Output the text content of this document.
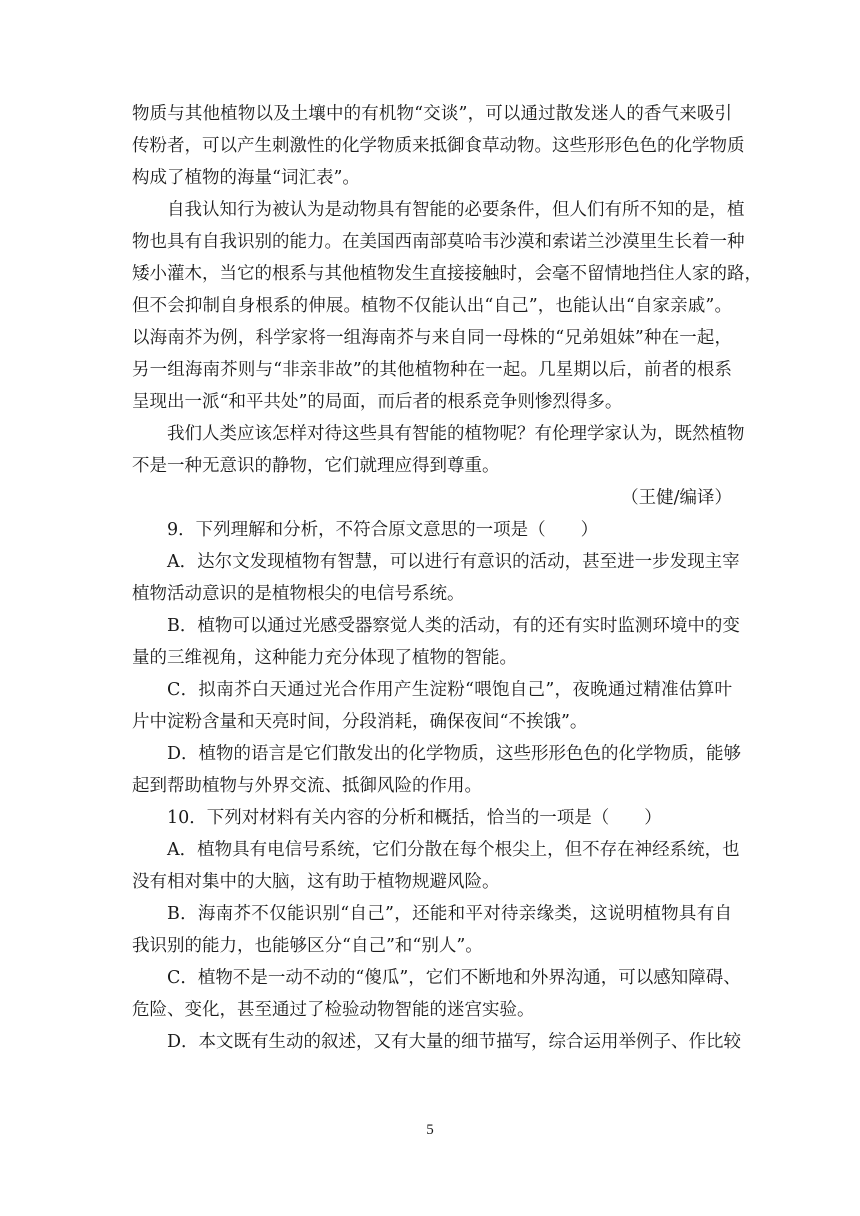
物质与其他植物以及土壤中的有机物“交谈”，可以通过散发迷人的香气来吸引
传粉者，可以产生刺激性的化学物质来抵御食草动物。这些形形色色的化学物质
构成了植物的海量“词汇表”。
自我认知行为被认为是动物具有智能的必要条件，但人们有所不知的是，植
物也具有自我识别的能力。在美国西南部莫哈韦沙漠和索诺兰沙漠里生长着一种
矮小灌木，当它的根系与其他植物发生直接接触时，会毫不留情地挡住人家的路，
但不会抑制自身根系的伸展。植物不仅能认出“自己”，也能认出“自家亲戚”。
以海南芥为例，科学家将一组海南芥与来自同一母株的“兄弟姐妹”种在一起，
另一组海南芥则与“非亲非故”的其他植物种在一起。几星期以后，前者的根系
呈现出一派“和平共处”的局面，而后者的根系竞争则惨烈得多。
我们人类应该怎样对待这些具有智能的植物呢？有伦理学家认为，既然植物
不是一种无意识的静物，它们就理应得到尊重。
（王健/编译）
9．下列理解和分析，不符合原文意思的一项是（　　）
A．达尔文发现植物有智慧，可以进行有意识的活动，甚至进一步发现主宰
植物活动意识的是植物根尖的电信号系统。
B．植物可以通过光感受器察觉人类的活动，有的还有实时监测环境中的变
量的三维视角，这种能力充分体现了植物的智能。
C．拟南芥白天通过光合作用产生淀粉“喂饱自己”，夜晚通过精准估算叶
片中淀粉含量和天亮时间，分段消耗，确保夜间“不挨饿”。
D．植物的语言是它们散发出的化学物质，这些形形色色的化学物质，能够
起到帮助植物与外界交流、抵御风险的作用。
10．下列对材料有关内容的分析和概括，恰当的一项是（　　）
A．植物具有电信号系统，它们分散在每个根尖上，但不存在神经系统，也
没有相对集中的大脑，这有助于植物规避风险。
B．海南芥不仅能识别“自己”，还能和平对待亲缘类，这说明植物具有自
我识别的能力，也能够区分“自己”和“别人”。
C．植物不是一动不动的“傻瓜”，它们不断地和外界沟通，可以感知障碍、
危险、变化，甚至通过了检验动物智能的迷宫实验。
D．本文既有生动的叙述，又有大量的细节描写，综合运用举例子、作比较
5
